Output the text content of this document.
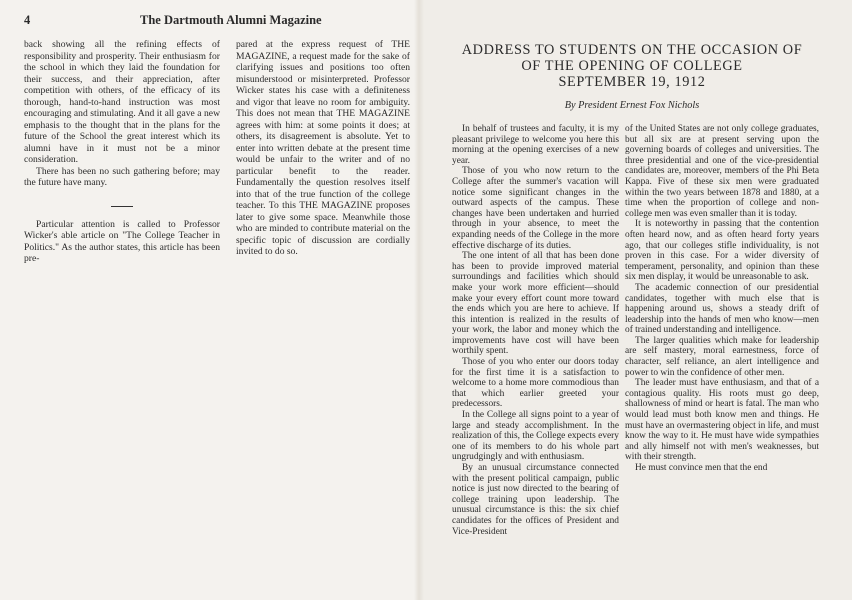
4	The Dartmouth Alumni Magazine

back showing all the refining effects of responsibility and prosperity. Their enthusiasm for the school in which they laid the foundation for their success, and their appreciation, after competition with others, of the efficacy of its thorough, hand-to-hand instruction was most encouraging and stimulating. And it all gave a new emphasis to the thought that in the plans for the future of the School the great interest which its alumni have in it must not be a minor consideration.

There has been no such gathering before; may the future have many.

Particular attention is called to Professor Wicker's able article on "The College Teacher in Politics." As the author states, this article has been pre-

pared at the express request of THE MAGAZINE, a request made for the sake of clarifying issues and positions too often misunderstood or misinterpreted. Professor Wicker states his case with a definiteness and vigor that leave no room for ambiguity. This does not mean that THE MAGAZINE agrees with him: at some points it does; at others, its disagreement is absolute. Yet to enter into written debate at the present time would be unfair to the writer and of no particular benefit to the reader. Fundamentally the question resolves itself into that of the true function of the college teacher. To this THE MAGAZINE proposes later to give some space. Meanwhile those who are minded to contribute material on the specific topic of discussion are cordially invited to do so.

ADDRESS TO STUDENTS ON THE OCCASION OF
OF THE OPENING OF COLLEGE
SEPTEMBER 19, 1912
By President Ernest Fox Nichols

In behalf of trustees and faculty, it is my pleasant privilege to welcome you here this morning at the opening exercises of a new year.

Those of you who now return to the College after the summer's vacation will notice some significant changes in the outward aspects of the campus. These changes have been undertaken and hurried through in your absence, to meet the expanding needs of the College in the more effective discharge of its duties.

The one intent of all that has been done has been to provide improved material surroundings and facilities which should make your work more efficient—should make your every effort count more toward the ends which you are here to achieve. If this intention is realized in the results of your work, the labor and money which the improvements have cost will have been worthily spent.

Those of you who enter our doors today for the first time it is a satisfaction to welcome to a home more commodious than that which earlier greeted your predecessors.

In the College all signs point to a year of large and steady accomplishment. In the realization of this, the College expects every one of its members to do his whole part ungrudgingly and with enthusiasm.

By an unusual circumstance connected with the present political campaign, public notice is just now directed to the bearing of college training upon leadership. The unusual circumstance is this: the six chief candidates for the offices of President and Vice-President

of the United States are not only college graduates, but all six are at present serving upon the governing boards of colleges and universities. The three presidential and one of the vice-presidential candidates are, moreover, members of the Phi Beta Kappa. Five of these six men were graduated within the two years between 1878 and 1880, at a time when the proportion of college and non-college men was even smaller than it is today.

It is noteworthy in passing that the contention often heard now, and as often heard forty years ago, that our colleges stifle individuality, is not proven in this case. For a wider diversity of temperament, personality, and opinion than these six men display, it would be unreasonable to ask.

The academic connection of our presidential candidates, together with much else that is happening around us, shows a steady drift of leadership into the hands of men who know—men of trained understanding and intelligence.

The larger qualities which make for leadership are self mastery, moral earnestness, force of character, self reliance, an alert intelligence and power to win the confidence of other men.

The leader must have enthusiasm, and that of a contagious quality. His roots must go deep, shallowness of mind or heart is fatal. The man who would lead must both know men and things. He must have an overmastering object in life, and must know the way to it. He must have wide sympathies and ally himself not with men's weaknesses, but with their strength.

He must convince men that the end
